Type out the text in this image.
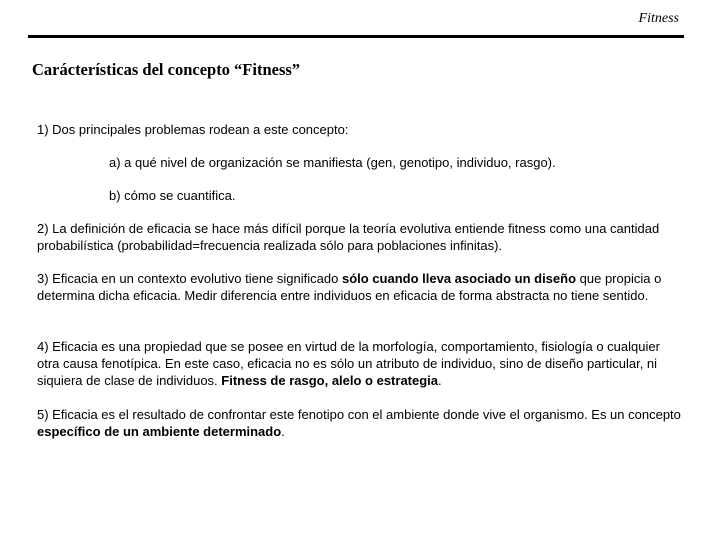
Fitness
Carácterísticas del concepto “Fitness”
1) Dos principales problemas rodean a este concepto:
a) a qué nivel de organización se manifiesta (gen, genotipo, individuo, rasgo).
b) cómo se cuantifica.
2) La definición de eficacia se hace más difícil porque la teoría evolutiva entiende fitness como una cantidad probabilística (probabilidad=frecuencia realizada sólo para poblaciones infinitas).
3) Eficacia en un contexto evolutivo tiene significado sólo cuando lleva asociado un diseño que propicia o determina dicha eficacia. Medir diferencia entre individuos en eficacia de forma abstracta no tiene sentido.
4) Eficacia es una propiedad que se posee en virtud de la morfología, comportamiento, fisiología o cualquier otra causa fenotípica. En este caso, eficacia no es sólo un atributo de individuo, sino de diseño particular, ni siquiera de clase de individuos. Fitness de rasgo, alelo o estrategia.
5) Eficacia es el resultado de confrontar este fenotipo con el ambiente donde vive el organismo. Es un concepto específico de un ambiente determinado.
